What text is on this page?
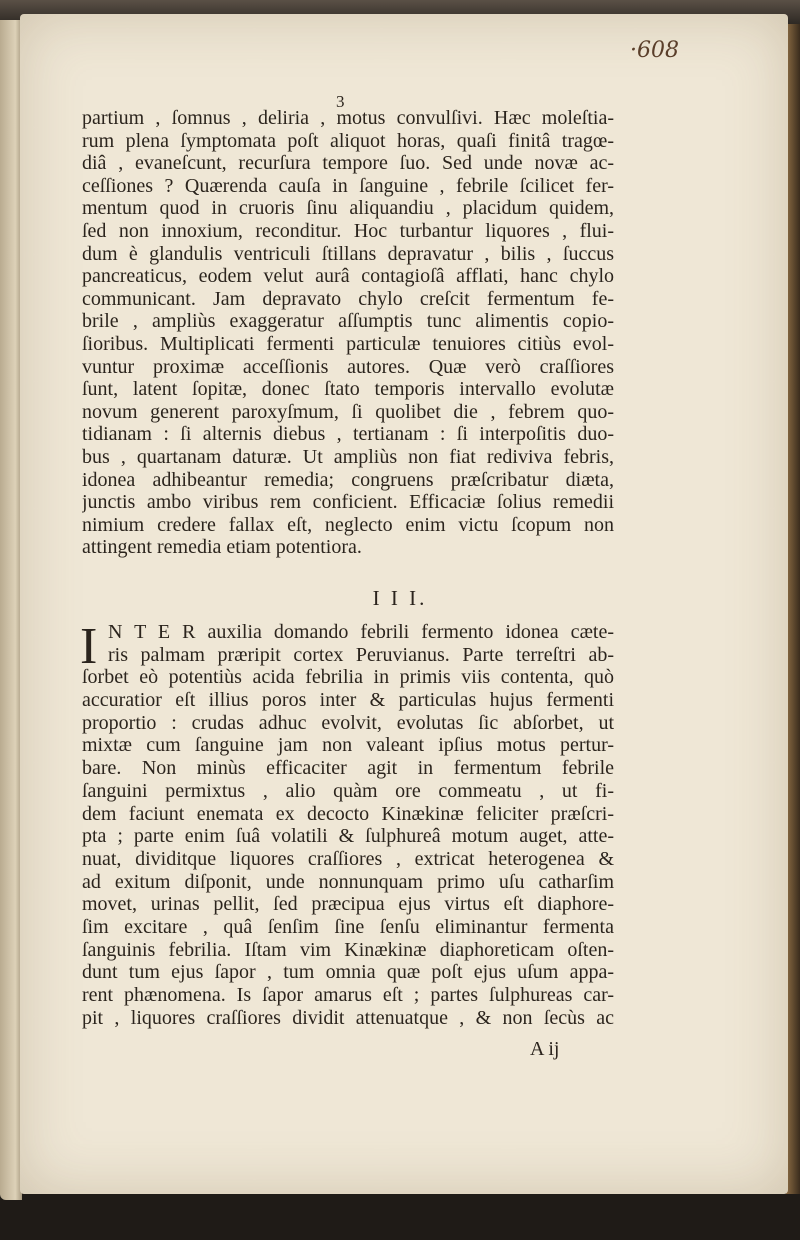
·608
3
partium , ſomnus , deliria , motus convulſivi. Hæc moleſtia-
rum plena ſymptomata poſt aliquot horas, quaſi finitâ tragœ-
diâ , evaneſcunt, recurſura tempore ſuo. Sed unde novæ ac-
ceſſiones ? Quærenda cauſa in ſanguine , febrile ſcilicet fer-
mentum quod in cruoris ſinu aliquandiu , placidum quidem,
ſed non innoxium, reconditur. Hoc turbantur liquores , flui-
dum è glandulis ventriculi ſtillans depravatur , bilis , ſuccus
pancreaticus, eodem velut aurâ contagioſâ afflati, hanc chylo
communicant. Jam depravato chylo creſcit fermentum fe-
brile , ampliùs exaggeratur aſſumptis tunc alimentis copio-
ſioribus. Multiplicati fermenti particulæ tenuiores citiùs evol-
vuntur proximæ acceſſionis autores. Quæ verò craſſiores
ſunt, latent ſopitæ, donec ſtato temporis intervallo evolutæ
novum generent paroxyſmum, ſi quolibet die , febrem quo-
tidianam : ſi alternis diebus , tertianam : ſi interpoſitis duo-
bus , quartanam daturæ. Ut ampliùs non fiat rediviva febris,
idonea adhibeantur remedia; congruens præſcribatur diæta,
junctis ambo viribus rem conficient. Efficaciæ ſolius remedii
nimium credere fallax eſt, neglecto enim victu ſcopum non
attingent remedia etiam potentiora.
I I I.
I N T E R auxilia domando febrili fermento idonea cæte-
ris palmam præripit cortex Peruvianus. Parte terreſtri ab-
ſorbet eò potentiùs acida febrilia in primis viis contenta, quò
accuratior eſt illius poros inter & particulas hujus fermenti
proportio : crudas adhuc evolvit, evolutas ſic abſorbet, ut
mixtæ cum ſanguine jam non valeant ipſius motus pertur-
bare. Non minùs efficaciter agit in fermentum febrile
ſanguini permixtus , alio quàm ore commeatu , ut fi-
dem faciunt enemata ex decocto Kinækinæ feliciter præſcri-
pta ; parte enim ſuâ volatili & ſulphureâ motum auget, atte-
nuat, dividitque liquores craſſiores , extricat heterogenea &
ad exitum diſponit, unde nonnunquam primo uſu catharſim
movet, urinas pellit, ſed præcipua ejus virtus eſt diaphore-
ſim excitare , quâ ſenſim ſine ſenſu eliminantur fermenta
ſanguinis febrilia. Iſtam vim Kinækinæ diaphoreticam oſten-
dunt tum ejus ſapor , tum omnia quæ poſt ejus uſum appa-
rent phænomena. Is ſapor amarus eſt ; partes ſulphureas car-
pit , liquores craſſiores dividit attenuatque , & non ſecùs ac
A ij
